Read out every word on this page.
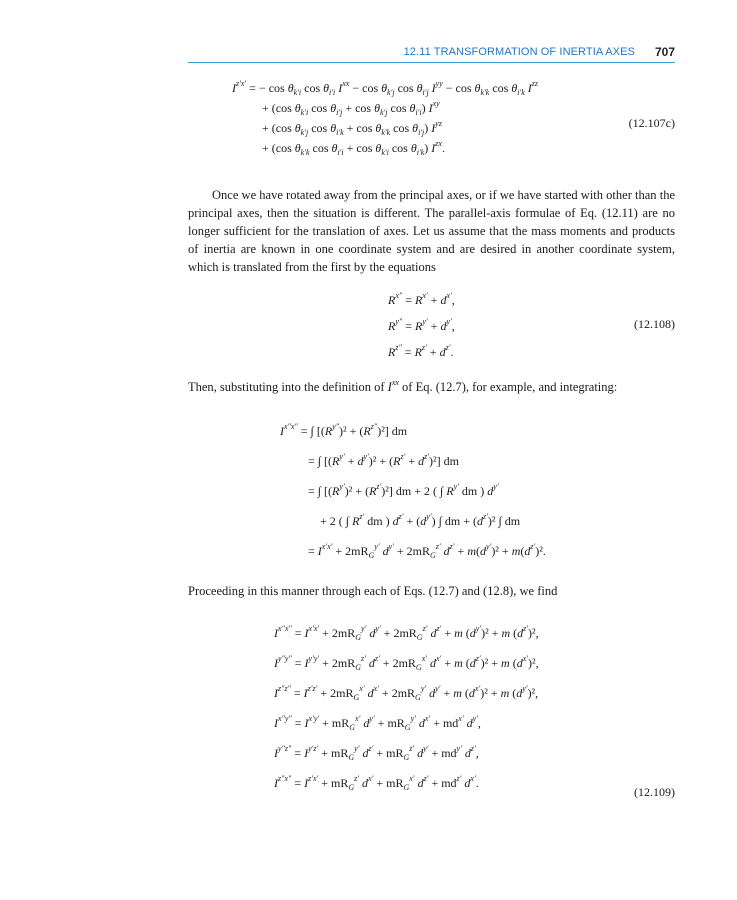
12.11 TRANSFORMATION OF INERTIA AXES 707
$I^{z'x'}$ = − $\cos \theta_{k'i}$ $\cos \theta_{i'i}$ $I^{xx} - \cos \theta_{k'j}$ $\cos \theta_{i'j}$ $I^{yy} - \cos \theta_{k'k}$ $\cos \theta_{i'k}$ $I^{zz}$
+ (cos $\theta_{k'i}$ $\cos \theta_{i'j} + \cos \theta_{k'j}$ $\cos \theta_{i'i}$) $I^{xy}$
+ (cos $\theta_{k'j}$ $\cos \theta_{i'k} + \cos \theta_{k'k}$ $\cos \theta_{i'j}$) $I^{yz}$
+ (cos $\theta_{k'k}$ $\cos \theta_{i'i} + \cos \theta_{k'i}$ $\cos \theta_{i'k}$) $I^{zx}$.
(12.107c)
Once we have rotated away from the principal axes, or if we have started with other than the principal axes, then the situation is different. The parallel-axis formulae of Eq. (12.11) are no longer sufficient for the translation of axes. Let us assume that the mass moments and products of inertia are known in one coordinate system and are desired in another coordinate system, which is translated from the first by the equations
$R^{x''} = R^{x'} + d^{x'}$,
$R^{y''} = R^{y'} + d^{y'}$,
$R^{z''} = R^{z'} + d^{z'}$.
(12.108)
Then, substituting into the definition of $I^{xx}$ of Eq. (12.7), for example, and integrating:
$I^{x''x''}$ = ∫ $[(R^{y''})^2 + (R^{z''})^2]$ dm
= ∫ $[(R^{y'} + d^{y'})^2 + (R^{z'} + d^{z'})^2]$ dm
= ∫ $[(R^{y'})^2 + (R^{z'})^2]$ dm + 2 ( ∫ $R^{y'}$ dm ) $d^{y'}$
+ 2 ( ∫ $R^{z'}$ dm ) $d^{z'} + (d^{y'})$ ∫ dm + $(d^{z'})^2$ ∫ dm
= $I^{x'x'} + 2mR_G^{y'}$ $d^{y'} + 2mR_G^{z'}$ $d^{z'} + m(d^{y'})^2 + m(d^{z'})^2$.
Proceeding in this manner through each of Eqs. (12.7) and (12.8), we find
$I^{x''x''} = I^{x'x'} + 2mR_G^{y'}$ $d^{y'} + 2mR_G^{z'}$ $d^{z'} + m$ $(d^{y'})^2 + m$ $(d^{z'})^2$,
$I^{y''y''} = I^{y'y'} + 2mR_G^{z'}$ $d^{z'} + 2mR_G^{x'}$ $d^{x'} + m$ $(d^{z'})^2 + m$ $(d^{x'})^2$,
$I^{z''z''} = I^{z'z'} + 2mR_G^{x'}$ $d^{x'} + 2mR_G^{y'}$ $d^{y'} + m$ $(d^{x'})^2 + m$ $(d^{y'})^2$,
$I^{x''y''} = I^{x'y'} + mR_G^{x'}$ $d^{y'} + mR_G^{y'}$ $d^{x'} + md^{x'}$ $d^{y'}$,
$I^{y''z''} = I^{y'z'} + mR_G^{y'}$ $d^{z'} + mR_G^{z'}$ $d^{y'} + md^{y'}$ $d^{z'}$,
$I^{z''x''} = I^{z'x'} + mR_G^{z'}$ $d^{x'} + mR_G^{x'}$ $d^{z'} + md^{z'}$ $d^{x'}$.
(12.109)
